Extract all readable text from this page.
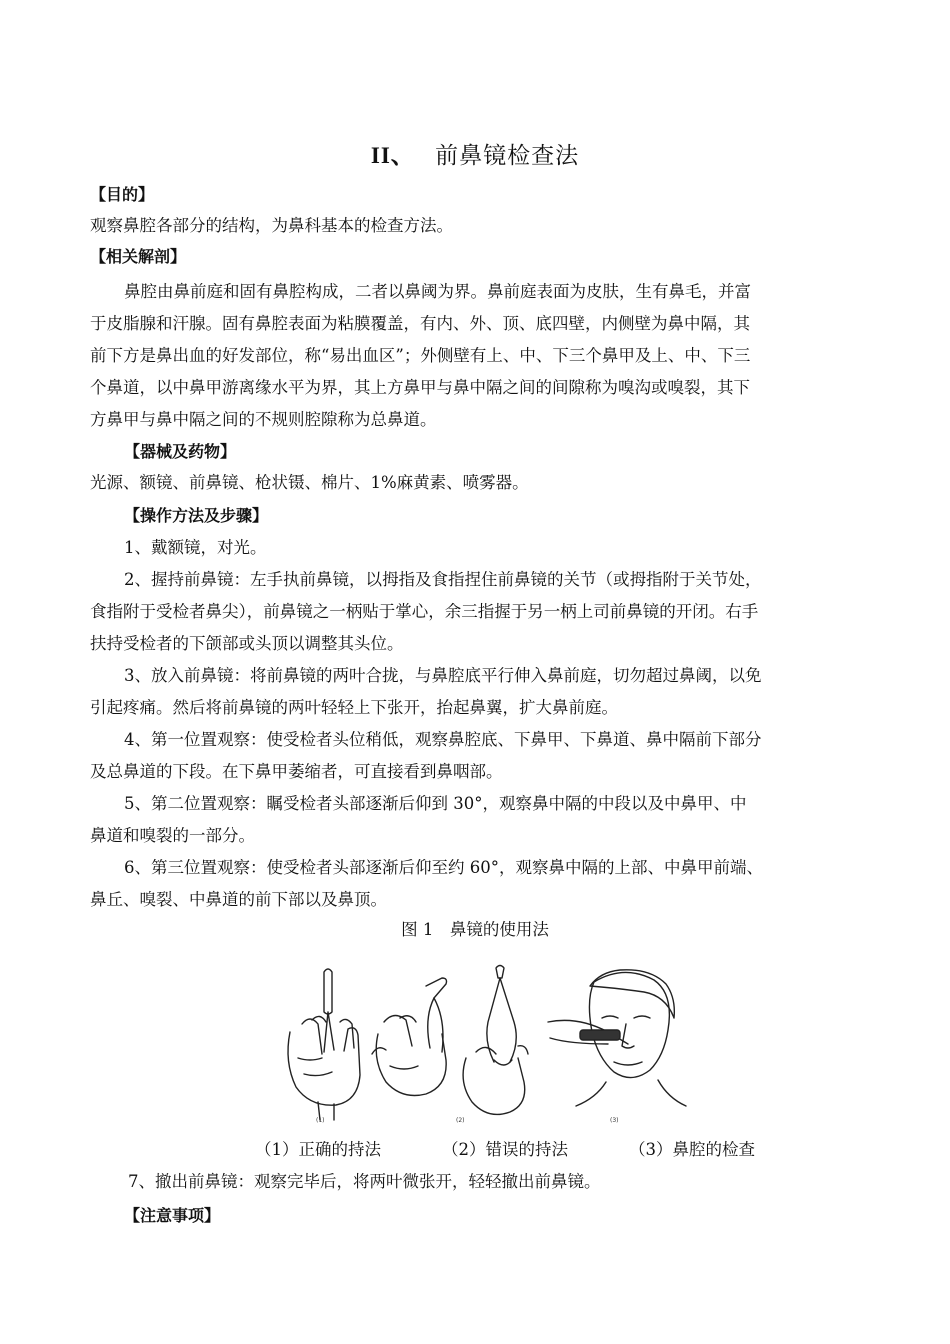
II、 前鼻镜检查法
【目的】
观察鼻腔各部分的结构，为鼻科基本的检查方法。
【相关解剖】
鼻腔由鼻前庭和固有鼻腔构成，二者以鼻阈为界。鼻前庭表面为皮肤，生有鼻毛，并富
于皮脂腺和汗腺。固有鼻腔表面为粘膜覆盖，有内、外、顶、底四壁，内侧壁为鼻中隔，其
前下方是鼻出血的好发部位，称“易出血区”；外侧壁有上、中、下三个鼻甲及上、中、下三
个鼻道，以中鼻甲游离缘水平为界，其上方鼻甲与鼻中隔之间的间隙称为嗅沟或嗅裂，其下
方鼻甲与鼻中隔之间的不规则腔隙称为总鼻道。
【器械及药物】
光源、额镜、前鼻镜、枪状镊、棉片、1%麻黄素、喷雾器。
【操作方法及步骤】
1、戴额镜，对光。
2、握持前鼻镜：左手执前鼻镜，以拇指及食指捏住前鼻镜的关节（或拇指附于关节处，
食指附于受检者鼻尖），前鼻镜之一柄贴于掌心，余三指握于另一柄上司前鼻镜的开闭。右手
扶持受检者的下颌部或头顶以调整其头位。
3、放入前鼻镜：将前鼻镜的两叶合拢，与鼻腔底平行伸入鼻前庭，切勿超过鼻阈，以免
引起疼痛。然后将前鼻镜的两叶轻轻上下张开，抬起鼻翼，扩大鼻前庭。
4、第一位置观察：使受检者头位稍低，观察鼻腔底、下鼻甲、下鼻道、鼻中隔前下部分
及总鼻道的下段。在下鼻甲萎缩者，可直接看到鼻咽部。
5、第二位置观察：瞩受检者头部逐渐后仰到 30°，观察鼻中隔的中段以及中鼻甲、中
鼻道和嗅裂的一部分。
6、第三位置观察：使受检者头部逐渐后仰至约 60°，观察鼻中隔的上部、中鼻甲前端、
鼻丘、嗅裂、中鼻道的前下部以及鼻顶。
图 1　鼻镜的使用法
(1)	(2)	(3)
（1）正确的持法	（2）错误的持法	（3）鼻腔的检查
7、撤出前鼻镜：观察完毕后，将两叶微张开，轻轻撤出前鼻镜。
【注意事项】
